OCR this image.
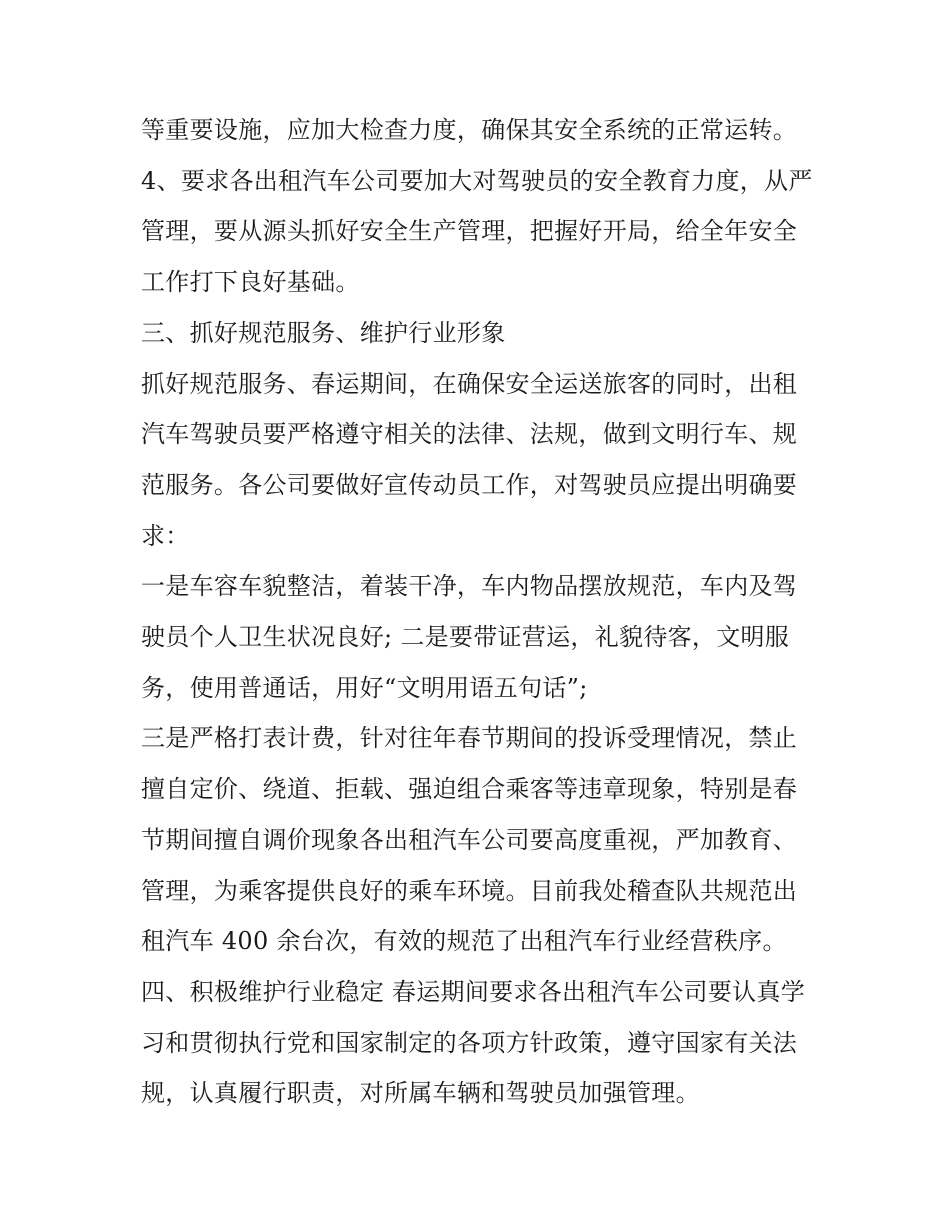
等重要设施，应加大检查力度，确保其安全系统的正常运转。

4、要求各出租汽车公司要加大对驾驶员的安全教育力度，从严管理，要从源头抓好安全生产管理，把握好开局，给全年安全工作打下良好基础。

三、抓好规范服务、维护行业形象

抓好规范服务、春运期间，在确保安全运送旅客的同时，出租汽车驾驶员要严格遵守相关的法律、法规，做到文明行车、规范服务。各公司要做好宣传动员工作，对驾驶员应提出明确要求：

一是车容车貌整洁，着装干净，车内物品摆放规范，车内及驾驶员个人卫生状况良好; 二是要带证营运，礼貌待客，文明服务，使用普通话，用好“文明用语五句话”;

三是严格打表计费，针对往年春节期间的投诉受理情况，禁止擅自定价、绕道、拒载、强迫组合乘客等违章现象，特别是春节期间擅自调价现象各出租汽车公司要高度重视，严加教育、管理，为乘客提供良好的乘车环境。目前我处稽查队共规范出租汽车 400 余台次，有效的规范了出租汽车行业经营秩序。

四、积极维护行业稳定 春运期间要求各出租汽车公司要认真学习和贯彻执行党和国家制定的各项方针政策，遵守国家有关法规，认真履行职责，对所属车辆和驾驶员加强管理。
